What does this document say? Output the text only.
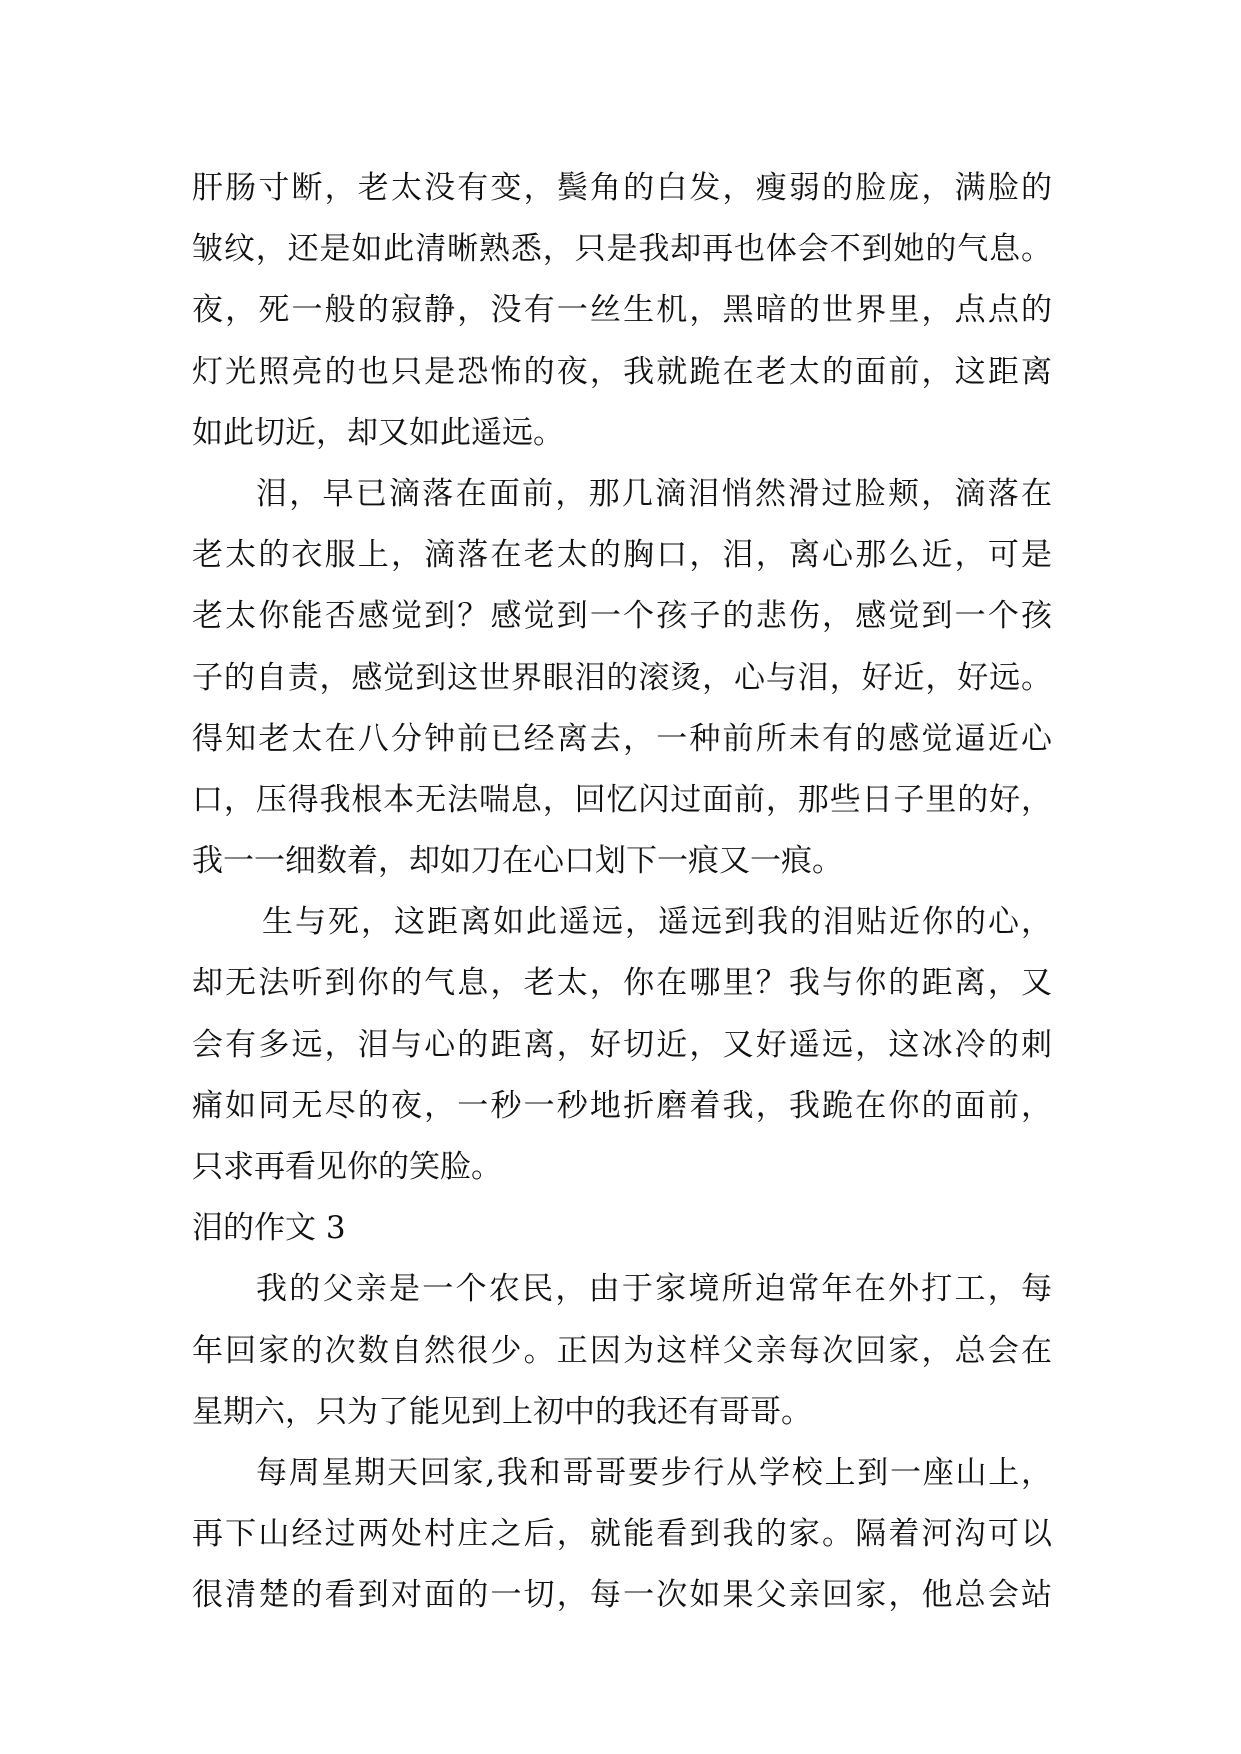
肝肠寸断，老太没有变，鬓角的白发，瘦弱的脸庞，满脸的
皱纹，还是如此清晰熟悉，只是我却再也体会不到她的气息。
夜，死一般的寂静，没有一丝生机，黑暗的世界里，点点的
灯光照亮的也只是恐怖的夜，我就跪在老太的面前，这距离
如此切近，却又如此遥远。
泪，早已滴落在面前，那几滴泪悄然滑过脸颊，滴落在
老太的衣服上，滴落在老太的胸口，泪，离心那么近，可是
老太你能否感觉到？感觉到一个孩子的悲伤，感觉到一个孩
子的自责，感觉到这世界眼泪的滚烫，心与泪，好近，好远。
得知老太在八分钟前已经离去，一种前所未有的感觉逼近心
口，压得我根本无法喘息，回忆闪过面前，那些日子里的好，
我一一细数着，却如刀在心口划下一痕又一痕。
生与死，这距离如此遥远，遥远到我的泪贴近你的心，
却无法听到你的气息，老太，你在哪里？我与你的距离，又
会有多远，泪与心的距离，好切近，又好遥远，这冰冷的刺
痛如同无尽的夜，一秒一秒地折磨着我，我跪在你的面前，
只求再看见你的笑脸。
泪的作文 3
我的父亲是一个农民，由于家境所迫常年在外打工，每
年回家的次数自然很少。正因为这样父亲每次回家，总会在
星期六，只为了能见到上初中的我还有哥哥。
每周星期天回家,我和哥哥要步行从学校上到一座山上，
再下山经过两处村庄之后，就能看到我的家。隔着河沟可以
很清楚的看到对面的一切，每一次如果父亲回家，他总会站
